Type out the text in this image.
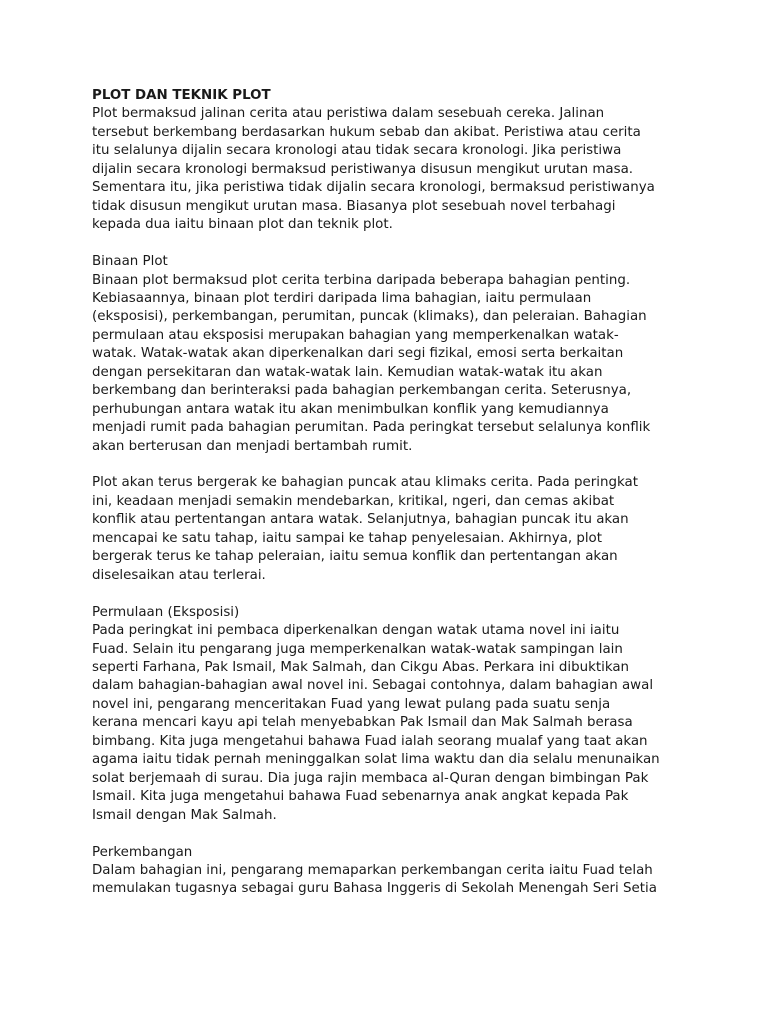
PLOT DAN TEKNIK PLOT

Plot bermaksud jalinan cerita atau peristiwa dalam sesebuah cereka. Jalinan
tersebut berkembang berdasarkan hukum sebab dan akibat. Peristiwa atau cerita
itu selalunya dijalin secara kronologi atau tidak secara kronologi. Jika peristiwa
dijalin secara kronologi bermaksud peristiwanya disusun mengikut urutan masa.
Sementara itu, jika peristiwa tidak dijalin secara kronologi, bermaksud peristiwanya
tidak disusun mengikut urutan masa. Biasanya plot sesebuah novel terbahagi
kepada dua iaitu binaan plot dan teknik plot.

Binaan Plot

Binaan plot bermaksud plot cerita terbina daripada beberapa bahagian penting.
Kebiasaannya, binaan plot terdiri daripada lima bahagian, iaitu permulaan
(eksposisi), perkembangan, perumitan, puncak (klimaks), dan peleraian. Bahagian
permulaan atau eksposisi merupakan bahagian yang memperkenalkan watak-
watak. Watak-watak akan diperkenalkan dari segi fizikal, emosi serta berkaitan
dengan persekitaran dan watak-watak lain. Kemudian watak-watak itu akan
berkembang dan berinteraksi pada bahagian perkembangan cerita. Seterusnya,
perhubungan antara watak itu akan menimbulkan konflik yang kemudiannya
menjadi rumit pada bahagian perumitan. Pada peringkat tersebut selalunya konflik
akan berterusan dan menjadi bertambah rumit.

Plot akan terus bergerak ke bahagian puncak atau klimaks cerita. Pada peringkat
ini, keadaan menjadi semakin mendebarkan, kritikal, ngeri, dan cemas akibat
konflik atau pertentangan antara watak. Selanjutnya, bahagian puncak itu akan
mencapai ke satu tahap, iaitu sampai ke tahap penyelesaian. Akhirnya, plot
bergerak terus ke tahap peleraian, iaitu semua konflik dan pertentangan akan
diselesaikan atau terlerai.

Permulaan (Eksposisi)

Pada peringkat ini pembaca diperkenalkan dengan watak utama novel ini iaitu
Fuad. Selain itu pengarang juga memperkenalkan watak-watak sampingan lain
seperti Farhana, Pak Ismail, Mak Salmah, dan Cikgu Abas. Perkara ini dibuktikan
dalam bahagian-bahagian awal novel ini. Sebagai contohnya, dalam bahagian awal
novel ini, pengarang menceritakan Fuad yang lewat pulang pada suatu senja
kerana mencari kayu api telah menyebabkan Pak Ismail dan Mak Salmah berasa
bimbang. Kita juga mengetahui bahawa Fuad ialah seorang mualaf yang taat akan
agama iaitu tidak pernah meninggalkan solat lima waktu dan dia selalu menunaikan
solat berjemaah di surau. Dia juga rajin membaca al-Quran dengan bimbingan Pak
Ismail. Kita juga mengetahui bahawa Fuad sebenarnya anak angkat kepada Pak
Ismail dengan Mak Salmah.

Perkembangan

Dalam bahagian ini, pengarang memaparkan perkembangan cerita iaitu Fuad telah
memulakan tugasnya sebagai guru Bahasa Inggeris di Sekolah Menengah Seri Setia
